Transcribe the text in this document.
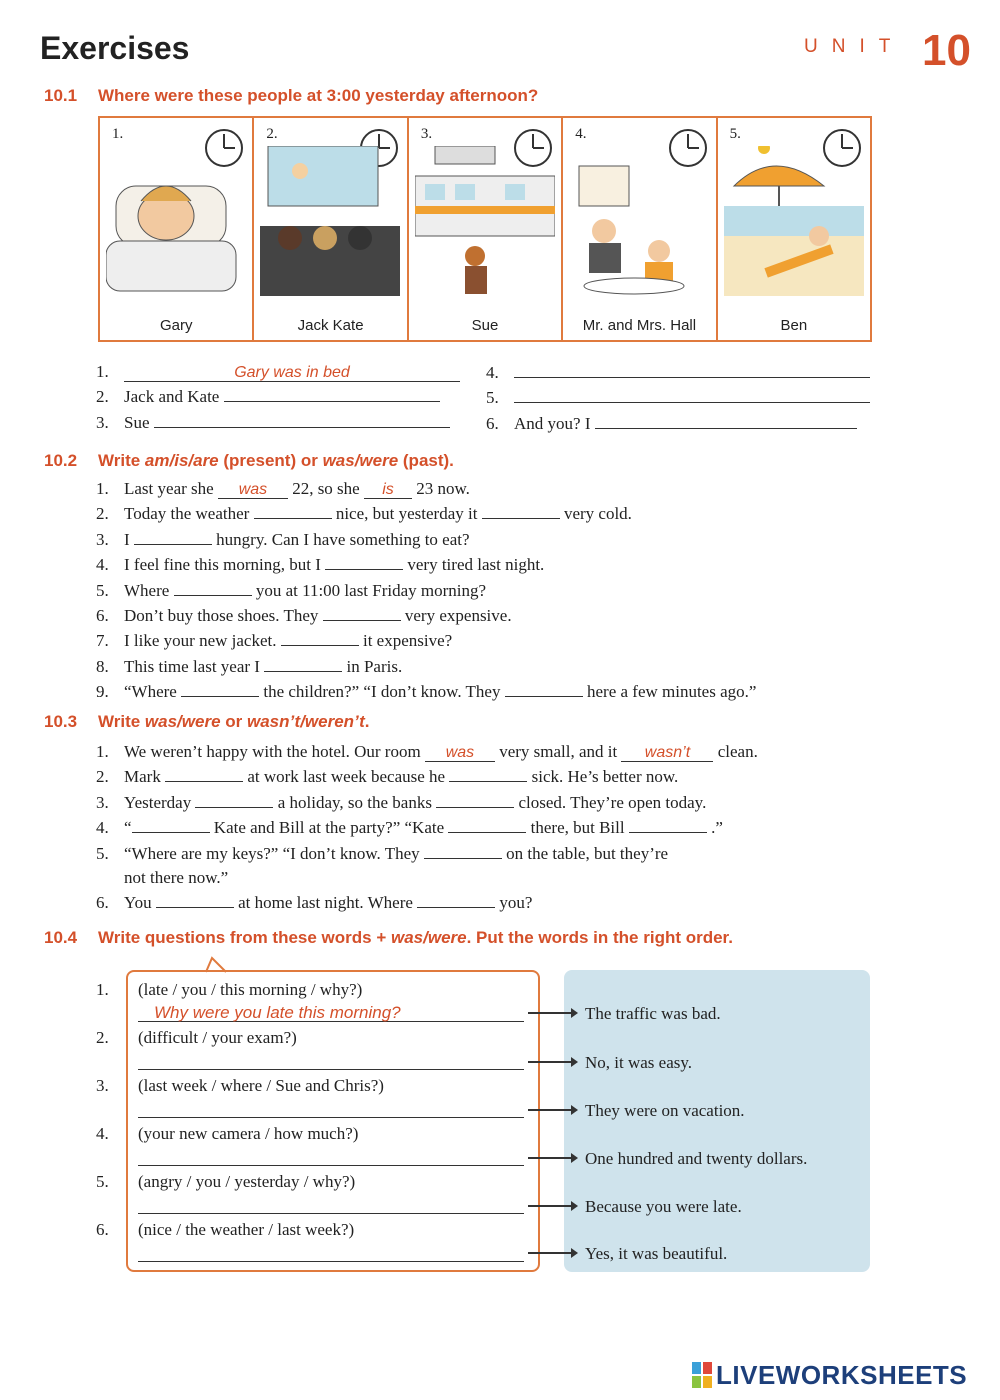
Exercises	UNIT 10
10.1 Where were these people at 3:00 yesterday afternoon?
1.
Gary
2.
Jack Kate
3.
Sue
4.
Mr. and Mrs. Hall
5.
Ben
1.	Gary was in bed
2. Jack and Kate
3. Sue
4.
5.
6. And you? I
10.2 Write am/is/are (present) or was/were (past).
1. Last year she was 22, so she is 23 now.
2. Today the weather	nice, but yesterday it	very cold.
3. I	hungry. Can I have something to eat?
4. I feel fine this morning, but I	very tired last night.
5. Where	you at 11:00 last Friday morning?
6. Don’t buy those shoes. They	very expensive.
7. I like your new jacket.	it expensive?
8. This time last year I	in Paris.
9. “Where	the children?” “I don’t know. They	here a few minutes ago.”
10.3 Write was/were or wasn’t/weren’t.
1. We weren’t happy with the hotel. Our room was very small, and it wasn’t clean.
2. Mark	at work last week because he	sick. He’s better now.
3. Yesterday	a holiday, so the banks	closed. They’re open today.
4. “	Kate and Bill at the party?” “Kate	there, but Bill	.”
5. “Where are my keys?” “I don’t know. They	on the table, but they’re
not there now.”
6. You	at home last night. Where	you?
10.4 Write questions from these words + was/were. Put the words in the right order.
1. (late / you / this morning / why?)
Why were you late this morning?	The traffic was bad.
2. (difficult / your exam?)
No, it was easy.
3. (last week / where / Sue and Chris?)
They were on vacation.
4. (your new camera / how much?)
One hundred and twenty dollars.
5. (angry / you / yesterday / why?)
Because you were late.
6. (nice / the weather / last week?)
Yes, it was beautiful.
LIVEWORKSHEETS
